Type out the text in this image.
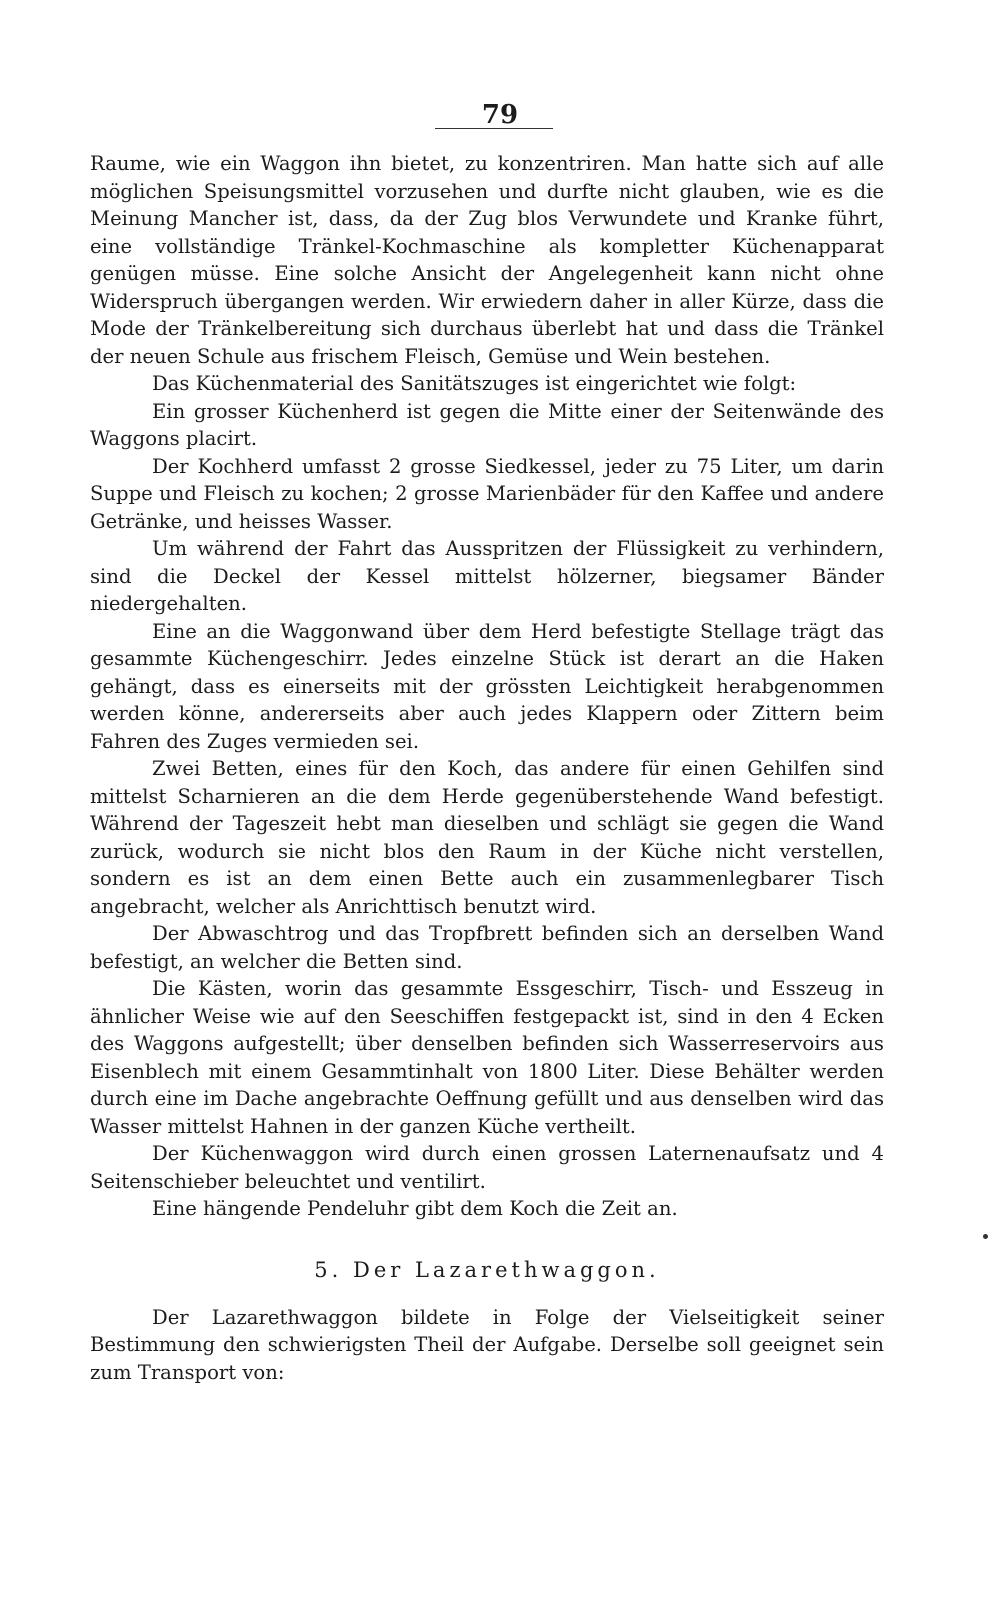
79

Raume, wie ein Waggon ihn bietet, zu konzentriren. Man hatte sich auf alle möglichen Speisungsmittel vorzusehen und durfte nicht glauben, wie es die Meinung Mancher ist, dass, da der Zug blos Verwundete und Kranke führt, eine vollständige Tränkel-Kochmaschine als kompletter Küchenapparat genügen müsse. Eine solche Ansicht der Angelegenheit kann nicht ohne Widerspruch übergangen werden. Wir erwiedern daher in aller Kürze, dass die Mode der Tränkelbereitung sich durchaus überlebt hat und dass die Tränkel der neuen Schule aus frischem Fleisch, Gemüse und Wein bestehen.

Das Küchenmaterial des Sanitätszuges ist eingerichtet wie folgt:

Ein grosser Küchenherd ist gegen die Mitte einer der Seitenwände des Waggons placirt.

Der Kochherd umfasst 2 grosse Siedkessel, jeder zu 75 Liter, um darin Suppe und Fleisch zu kochen; 2 grosse Marienbäder für den Kaffee und andere Getränke, und heisses Wasser.

Um während der Fahrt das Ausspritzen der Flüssigkeit zu verhindern, sind die Deckel der Kessel mittelst hölzerner, biegsamer Bänder niedergehalten.

Eine an die Waggonwand über dem Herd befestigte Stellage trägt das gesammte Küchengeschirr. Jedes einzelne Stück ist derart an die Haken gehängt, dass es einerseits mit der grössten Leichtigkeit herabgenommen werden könne, andererseits aber auch jedes Klappern oder Zittern beim Fahren des Zuges vermieden sei.

Zwei Betten, eines für den Koch, das andere für einen Gehilfen sind mittelst Scharnieren an die dem Herde gegenüberstehende Wand befestigt. Während der Tageszeit hebt man dieselben und schlägt sie gegen die Wand zurück, wodurch sie nicht blos den Raum in der Küche nicht verstellen, sondern es ist an dem einen Bette auch ein zusammenlegbarer Tisch angebracht, welcher als Anrichttisch benutzt wird.

Der Abwaschtrog und das Tropfbrett befinden sich an derselben Wand befestigt, an welcher die Betten sind.

Die Kästen, worin das gesammte Essgeschirr, Tisch- und Esszeug in ähnlicher Weise wie auf den Seeschiffen festgepackt ist, sind in den 4 Ecken des Waggons aufgestellt; über denselben befinden sich Wasserreservoirs aus Eisenblech mit einem Gesammtinhalt von 1800 Liter. Diese Behälter werden durch eine im Dache angebrachte Oeffnung gefüllt und aus denselben wird das Wasser mittelst Hahnen in der ganzen Küche vertheilt.

Der Küchenwaggon wird durch einen grossen Laternenaufsatz und 4 Seitenschieber beleuchtet und ventilirt.

Eine hängende Pendeluhr gibt dem Koch die Zeit an.

5. Der Lazarethwaggon.

Der Lazarethwaggon bildete in Folge der Vielseitigkeit seiner Bestimmung den schwierigsten Theil der Aufgabe. Derselbe soll geeignet sein zum Transport von:
